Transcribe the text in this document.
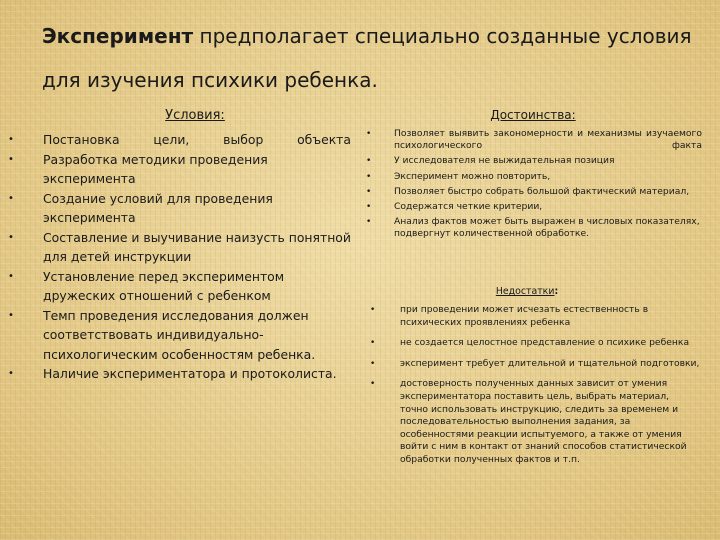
Эксперимент предполагает специально созданные условия
для изучения психики ребенка.
Условия:
• Постановка цели, выбор объекта
• Разработка методики проведения эксперимента
• Создание условий для проведения эксперимента
• Составление и выучивание наизусть понятной для детей инструкции
• Установление перед экспериментом дружеских отношений с ребенком
• Темп проведения исследования должен соответствовать индивидуально-психологическим особенностям ребенка.
• Наличие экспериментатора и протоколиста.
Достоинства:
• Позволяет выявить закономерности и механизмы изучаемого психологического факта
• У исследователя не выжидательная позиция
• Эксперимент можно повторить,
• Позволяет быстро собрать большой фактический материал,
• Содержатся четкие критерии,
• Анализ фактов может быть выражен в числовых показателях, подвергнут количественной обработке.
Недостатки:
• при проведении может исчезать естественность в психических проявлениях ребенка
• не создается целостное представление о психике ребенка
• эксперимент требует длительной и тщательной подготовки,
• достоверность полученных данных зависит от умения экспериментатора поставить цель, выбрать материал, точно использовать инструкцию, следить за временем и последовательностью выполнения задания, за особенностями реакции испытуемого, а также от умения войти с ним в контакт от знаний способов статистической обработки полученных фактов и т.п.
